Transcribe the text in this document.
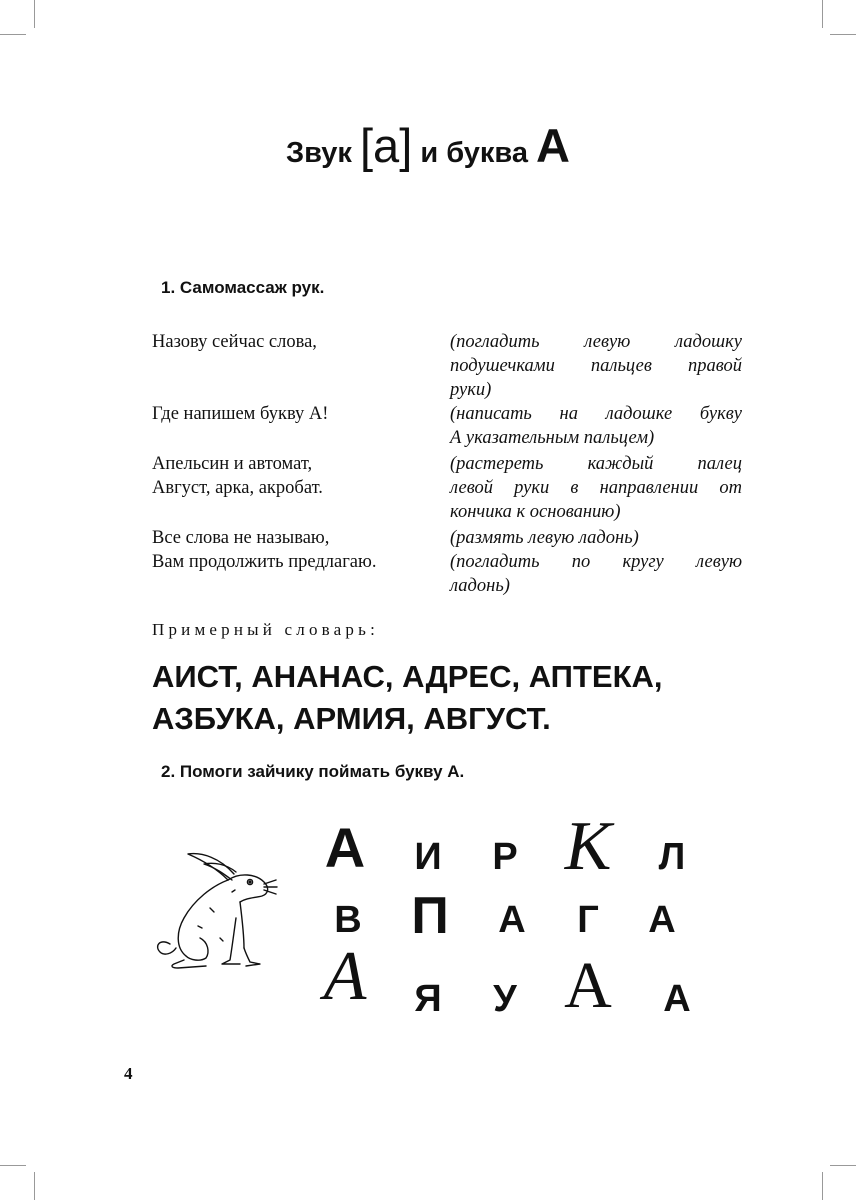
Звук [а] и буква А
1. Самомассаж рук.
Назову сейчас слова,	(погладить левую ладошку
подушечками пальцев правой
руки)
Где напишем букву А!	(написать на ладошке букву
А указательным пальцем)
Апельсин и автомат,	(растереть каждый палец
Август, арка, акробат.	левой руки в направлении от
кончика к основанию)
Все слова не называю,	(размять левую ладонь)
Вам продолжить предлагаю.	(погладить по кругу левую
ладонь)
Примерный словарь:
АИСТ, АНАНАС, АДРЕС, АПТЕКА,
АЗБУКА, АРМИЯ, АВГУСТ.
2. Помоги зайчику поймать букву А.
А И Р К Л
В П А Г А
А Я У А А
4
